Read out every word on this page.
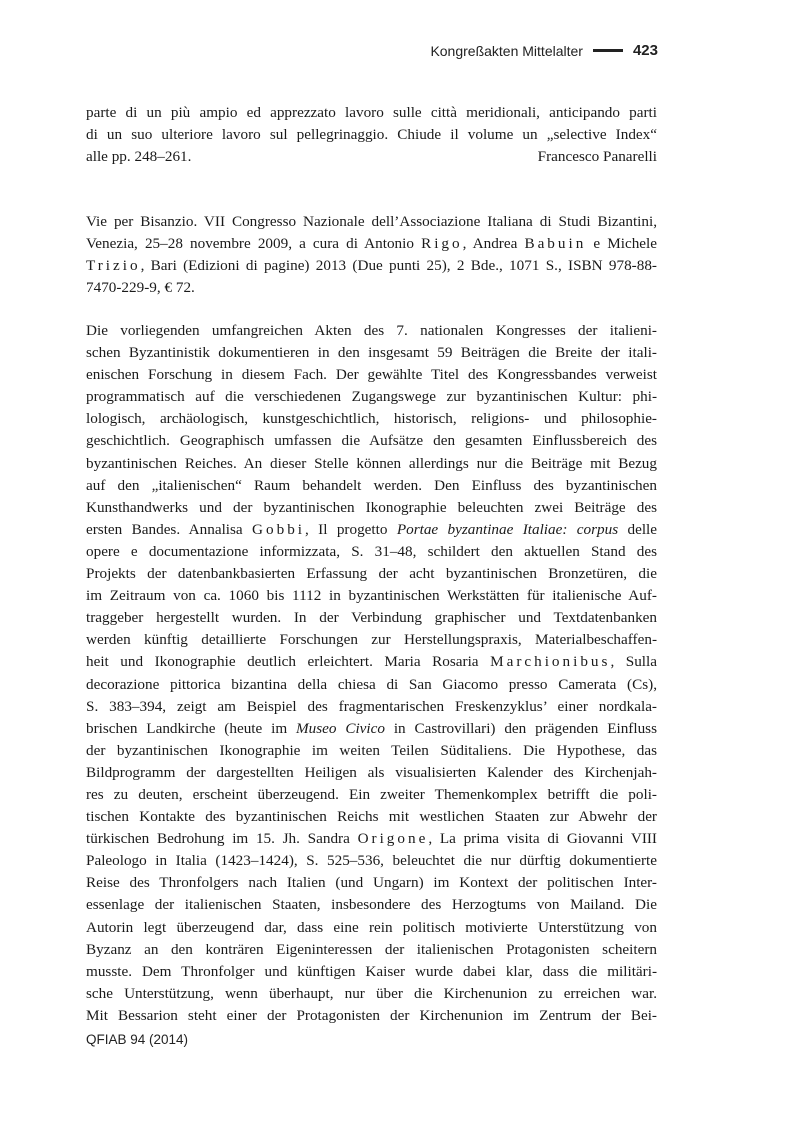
Kongreßakten Mittelalter	423
parte di un più ampio ed apprezzato lavoro sulle città meridionali, anticipando parti
di un suo ulteriore lavoro sul pellegrinaggio. Chiude il volume un „selective Index“
alle pp. 248–261.	Francesco Panarelli
Vie per Bisanzio. VII Congresso Nazionale dell’Associazione Italiana di Studi Bizantini,
Venezia, 25–28 novembre 2009, a cura di Antonio Rigo, Andrea Babuin e Michele
Trizio, Bari (Edizioni di pagine) 2013 (Due punti 25), 2 Bde., 1071 S., ISBN 978-88-
7470-229-9, € 72.
Die vorliegenden umfangreichen Akten des 7. nationalen Kongresses der italieni-
schen Byzantinistik dokumentieren in den insgesamt 59 Beiträgen die Breite der itali-
enischen Forschung in diesem Fach. Der gewählte Titel des Kongressbandes verweist
programmatisch auf die verschiedenen Zugangswege zur byzantinischen Kultur: phi-
lologisch, archäologisch, kunstgeschichtlich, historisch, religions- und philosophie-
geschichtlich. Geographisch umfassen die Aufsätze den gesamten Einflussbereich des
byzantinischen Reiches. An dieser Stelle können allerdings nur die Beiträge mit Bezug
auf den „italienischen“ Raum behandelt werden. Den Einfluss des byzantinischen
Kunsthandwerks und der byzantinischen Ikonographie beleuchten zwei Beiträge des
ersten Bandes. Annalisa Gobbi, Il progetto Portae byzantinae Italiae: corpus delle
opere e documentazione informizzata, S. 31–48, schildert den aktuellen Stand des
Projekts der datenbankbasierten Erfassung der acht byzantinischen Bronzetüren, die
im Zeitraum von ca. 1060 bis 1112 in byzantinischen Werkstätten für italienische Auf-
traggeber hergestellt wurden. In der Verbindung graphischer und Textdatenbanken
werden künftig detaillierte Forschungen zur Herstellungspraxis, Materialbeschaffen-
heit und Ikonographie deutlich erleichtert. Maria Rosaria Marchionibus, Sulla
decorazione pittorica bizantina della chiesa di San Giacomo presso Camerata (Cs),
S. 383–394, zeigt am Beispiel des fragmentarischen Freskenzyklus’ einer nordkala-
brischen Landkirche (heute im Museo Civico in Castrovillari) den prägenden Einfluss
der byzantinischen Ikonographie im weiten Teilen Süditaliens. Die Hypothese, das
Bildprogramm der dargestellten Heiligen als visualisierten Kalender des Kirchenjah-
res zu deuten, erscheint überzeugend. Ein zweiter Themenkomplex betrifft die poli-
tischen Kontakte des byzantinischen Reichs mit westlichen Staaten zur Abwehr der
türkischen Bedrohung im 15. Jh. Sandra Origone, La prima visita di Giovanni VIII
Paleologo in Italia (1423–1424), S. 525–536, beleuchtet die nur dürftig dokumentierte
Reise des Thronfolgers nach Italien (und Ungarn) im Kontext der politischen Inter-
essenlage der italienischen Staaten, insbesondere des Herzogtums von Mailand. Die
Autorin legt überzeugend dar, dass eine rein politisch motivierte Unterstützung von
Byzanz an den konträren Eigeninteressen der italienischen Protagonisten scheitern
musste. Dem Thronfolger und künftigen Kaiser wurde dabei klar, dass die militäri-
sche Unterstützung, wenn überhaupt, nur über die Kirchenunion zu erreichen war.
Mit Bessarion steht einer der Protagonisten der Kirchenunion im Zentrum der Bei-
QFIAB 94 (2014)
